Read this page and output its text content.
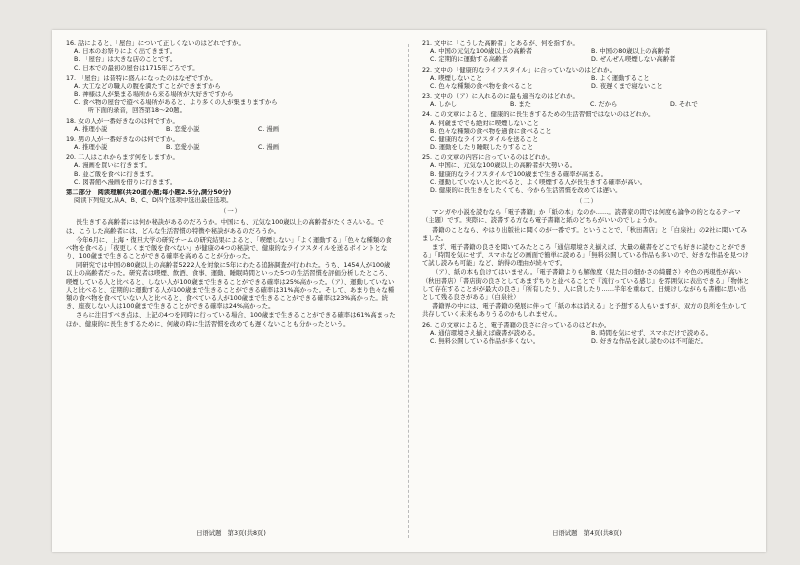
16. 話によると、「屋台」について正しくないのはどれですか。
A. 日本のお祭りによく出てきます。
B. 「屋台」は大きな店のことです。
C. 日本での最初の屋台は1715年ごろです。
17. 「屋台」は昔特に盛んになったのはなぜですか。
A. 大工などの職人の腹を満たすことができますから
B. 神様は人が集まる場所から来る場所が大好きですから
C. 食べ物の屋台で遊べる場所があると、より多くの人が集まりますから
听下面的录音，回答第18～20题。
18. 女の人が一番好きなのは何ですか。
A. 推理小説	B. 恋愛小説	C. 漫画
19. 男の人が一番好きなのは何ですか。
A. 推理小説	B. 恋愛小説	C. 漫画
20. 二人はこれからまず何をしますか。
A. 漫画を買いに行きます。
B. 並ご飯を食べに行きます。
C. 図書館へ漫画を借りに行きます。
第二部分　阅读理解(共20道小题;每小题2.5分,满分50分)
阅读下列短文,从A、B、C、D四个选项中选出最佳选项。
（一）
長生きする高齢者には何か秘訣があるのだろうか。中国にも、元気な100歳以上の高齢者がたくさんいる。では、こうした高齢者には、どんな生活習慣の特徴や秘訣があるのだろうか。
今年6月に、上海・復旦大学の研究チームの研究結果によると、「喫煙しない」「よく運動する」「色々な種類の食べ物を食べる」「夜更しくまで飯を食べない」が健康の4つの秘訣で、健康的なライフスタイルを送るポイントとなり、100歳まで生きることができる確率を高めることが分かった。
同研究では中国の80歳以上の高齢者5222人を対象に5年にわたる追跡調査が行われた。うち、1454人が100歳以上の高齢者だった。研究者は喫煙、飲酒、食事、運動、睡眠時間といった5つの生活習慣を評価分析したところ、喫煙している人と比べると、しない人が100歳まで生きることができる確率は25%高かった。（ア）、運動していない人と比べると、定期的に運動する人が100歳まで生きることができる確率は31%高かった。そして、あまり色々な種類の食べ物を食べていない人と比べると、食べている人が100歳まで生きることができる確率は23%高かった。続き、座夜しない人は100歳まで生きることができる確率は24%高かった。
さらに注目すべき点は、上記の4つを同時に行っている場合、100歳まで生きることができる確率は61%高まったほか、健康的に長生きするために、何歳の時に生活習慣を改めても遅くないことも分かったという。
日语试题　第3页(共8页)
21. 文中に「こうした高齢者」とあるが、何を指すか。
A. 中国の元気な100歳以上の高齢者	B. 中国の80歳以上の高齢者
C. 定期的に運動する高齢者	D. ぜんぜん喫煙しない高齢者
22. 文中の「健康的なライフスタイル」に合っていないのはどれか。
A. 喫煙しないこと	B. よく運動すること
C. 色々な種類の食べ物を食べること	D. 夜遅くまで寝ないこと
23. 文中の（ア）に入れるのに最も適当なのはどれか。
A. しかし	B. また	C. だから	D. それで
24. この文章によると、健康的に長生きするための生活習慣ではないのはどれか。
A. 何歳まででも絶対に喫煙しないこと
B. 色々な種類の食べ物を過食に食べること
C. 健康的なライフスタイルを送ること
D. 運動をしたり睡眠したりすること
25. この文章の内容に合っているのはどれか。
A. 中国に、元気な100歳以上の高齢者が大勢いる。
B. 健康的なライフスタイルで100歳まで生きる確率が高まる。
C. 運動していない人と比べると、よく喫煙する人が長生きする確率が高い。
D. 健康的に長生きをしたくても、今から生活習慣を改めては遅い。
（二）
マンガや小説を読むなら「電子書籍」か「紙の本」なのか……。読書家の間では何度も論争の的となるテーマ（主題）です。実際に、読書する方なら電子書籍と紙のどちらがいいのでしょうか。
書籍のことなら、やはり出版社に聞くのが一番です。ということで、「秋田書店」と「白泉社」の2社に聞いてみました。
まず、電子書籍の良さを聞いてみたところ「通信環境さえ揃えば、大量の蔵書をどこでも好きに読むことができる」「時間を気にせず、スマホなどの画面で簡単に読める」「無料公開している作品も多いので、好きな作品を見つけて試し読みも可能」など、納得の理由が続々です。
（ア）、紙の本も負けてはいません。「電子書籍よりも解像度（見た目の細かさの綺麗さ）や色の再現性が高い（秋田書店）「書店街の良さとしてあまずちりと並べることで『流行っている感じ』を雰囲気に表出できる」「物体として存在することがが最大の良さ」「所有したり、人に貸したり……半年を重ねて、日焼けしながらも書棚に思い出として残る良さがある」（白泉社）
書籍界の中には、電子書籍の発展に伴って「紙の本は消える」と予想する人もいますが、双方の良所を生かして共存していく未来もありうるのかもしれません。
26. この文章によると、電子書籍の良さに合っているのはどれか。
A. 通信環境さえ揃えば蔵書が読める。	B. 時間を気にせず、スマホだけで読める。
C. 無料公開している作品が多くない。	D. 好きな作品を試し読むのは不可能だ。
日语试题　第4页(共8页)
